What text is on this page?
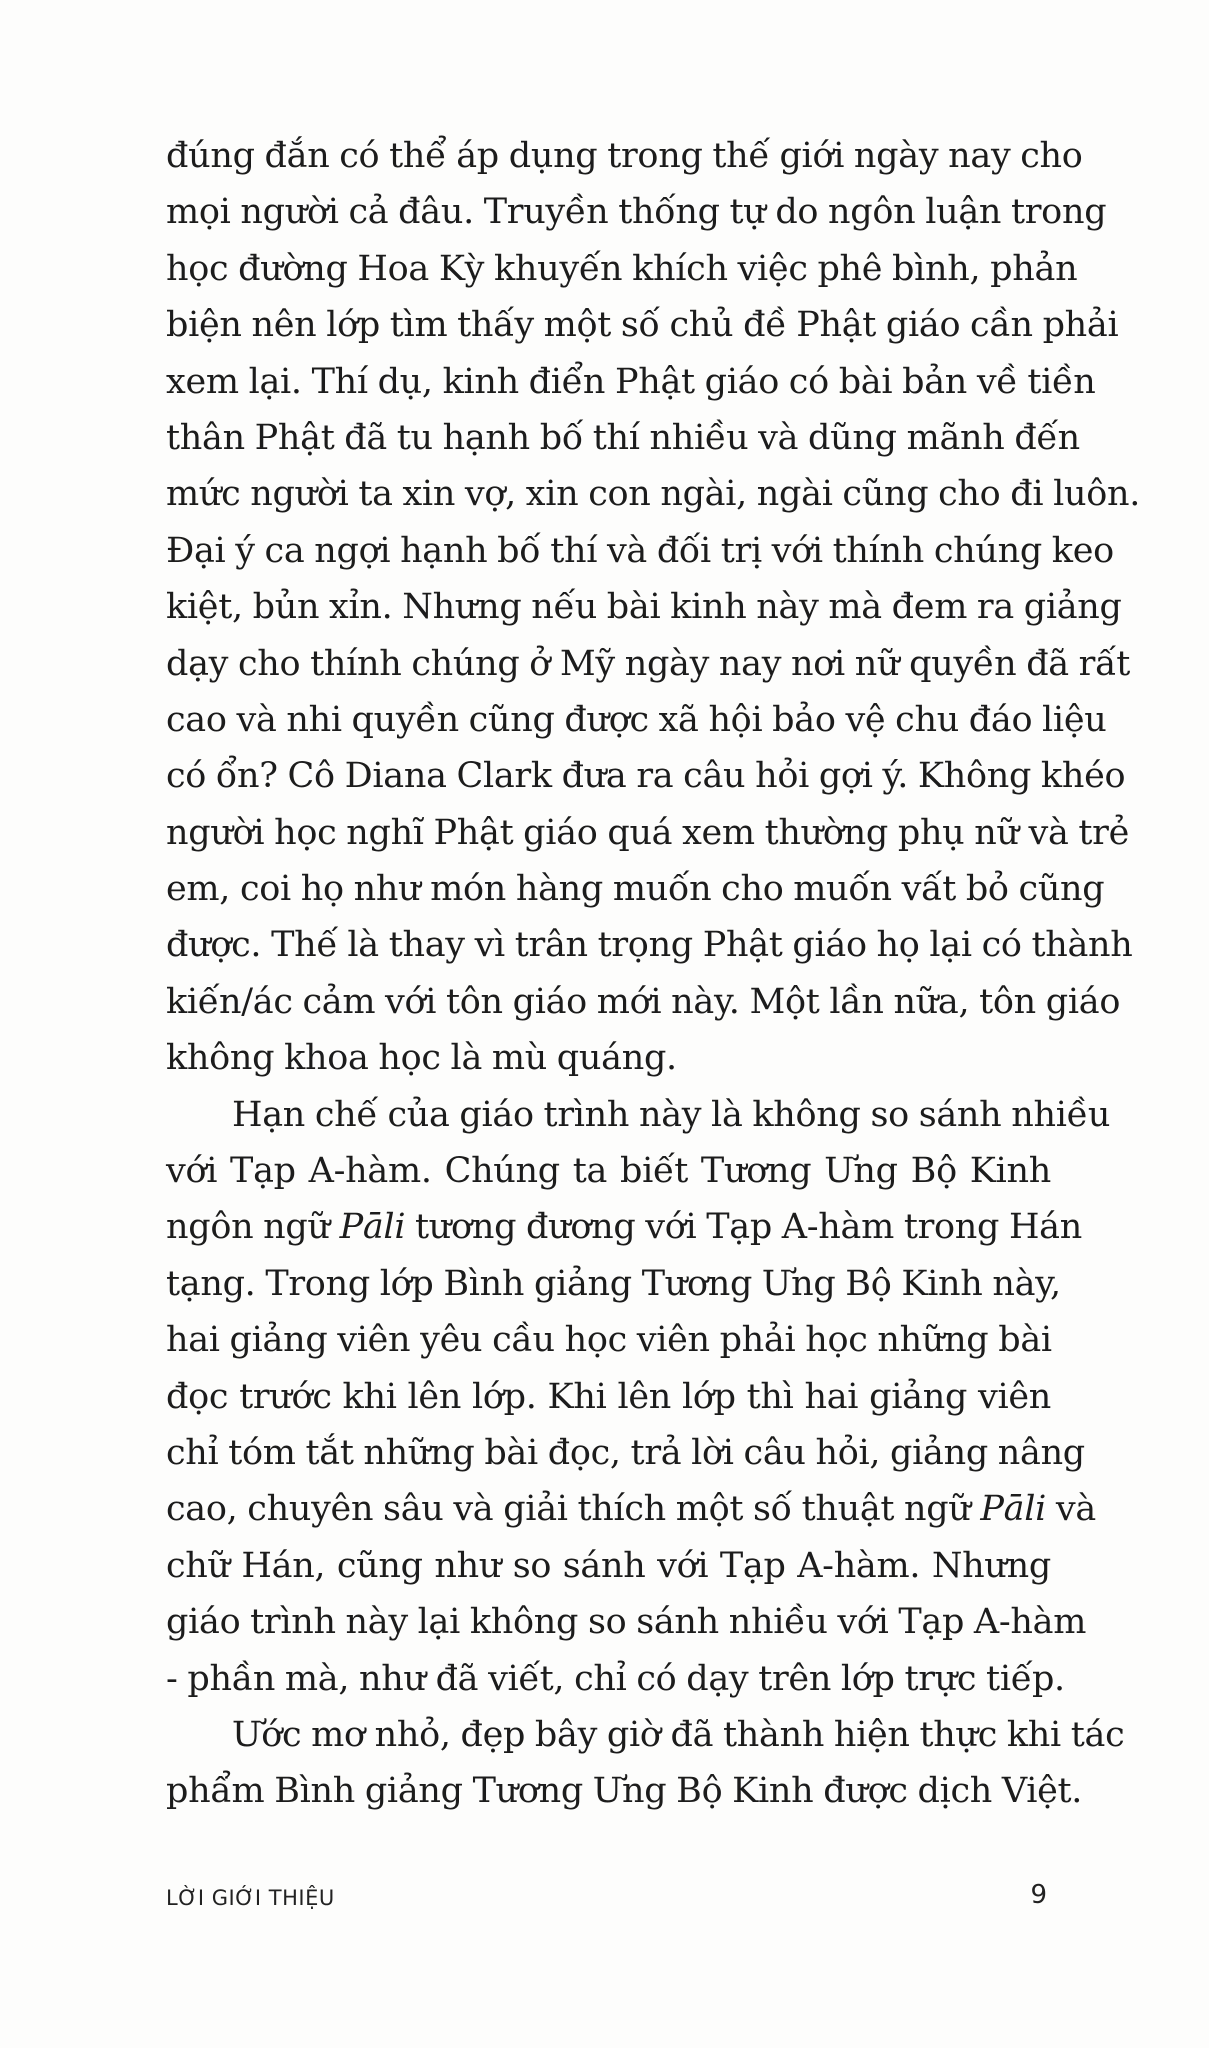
đúng đắn có thể áp dụng trong thế giới ngày nay cho
mọi người cả đâu. Truyền thống tự do ngôn luận trong
học đường Hoa Kỳ khuyến khích việc phê bình, phản
biện nên lớp tìm thấy một số chủ đề Phật giáo cần phải
xem lại. Thí dụ, kinh điển Phật giáo có bài bản về tiền
thân Phật đã tu hạnh bố thí nhiều và dũng mãnh đến
mức người ta xin vợ, xin con ngài, ngài cũng cho đi luôn.
Đại ý ca ngợi hạnh bố thí và đối trị với thính chúng keo
kiệt, bủn xỉn. Nhưng nếu bài kinh này mà đem ra giảng
dạy cho thính chúng ở Mỹ ngày nay nơi nữ quyền đã rất
cao và nhi quyền cũng được xã hội bảo vệ chu đáo liệu
có ổn? Cô Diana Clark đưa ra câu hỏi gợi ý. Không khéo
người học nghĩ Phật giáo quá xem thường phụ nữ và trẻ
em, coi họ như món hàng muốn cho muốn vất bỏ cũng
được. Thế là thay vì trân trọng Phật giáo họ lại có thành
kiến/ác cảm với tôn giáo mới này. Một lần nữa, tôn giáo
không khoa học là mù quáng.
Hạn chế của giáo trình này là không so sánh nhiều
với Tạp A-hàm. Chúng ta biết Tương Ưng Bộ Kinh
ngôn ngữ Pāli tương đương với Tạp A-hàm trong Hán
tạng. Trong lớp Bình giảng Tương Ưng Bộ Kinh này,
hai giảng viên yêu cầu học viên phải học những bài
đọc trước khi lên lớp. Khi lên lớp thì hai giảng viên
chỉ tóm tắt những bài đọc, trả lời câu hỏi, giảng nâng
cao, chuyên sâu và giải thích một số thuật ngữ Pāli và
chữ Hán, cũng như so sánh với Tạp A-hàm. Nhưng
giáo trình này lại không so sánh nhiều với Tạp A-hàm
- phần mà, như đã viết, chỉ có dạy trên lớp trực tiếp.
Ước mơ nhỏ, đẹp bây giờ đã thành hiện thực khi tác
phẩm Bình giảng Tương Ưng Bộ Kinh được dịch Việt.
LỜI GIỚI THIỆU	9
